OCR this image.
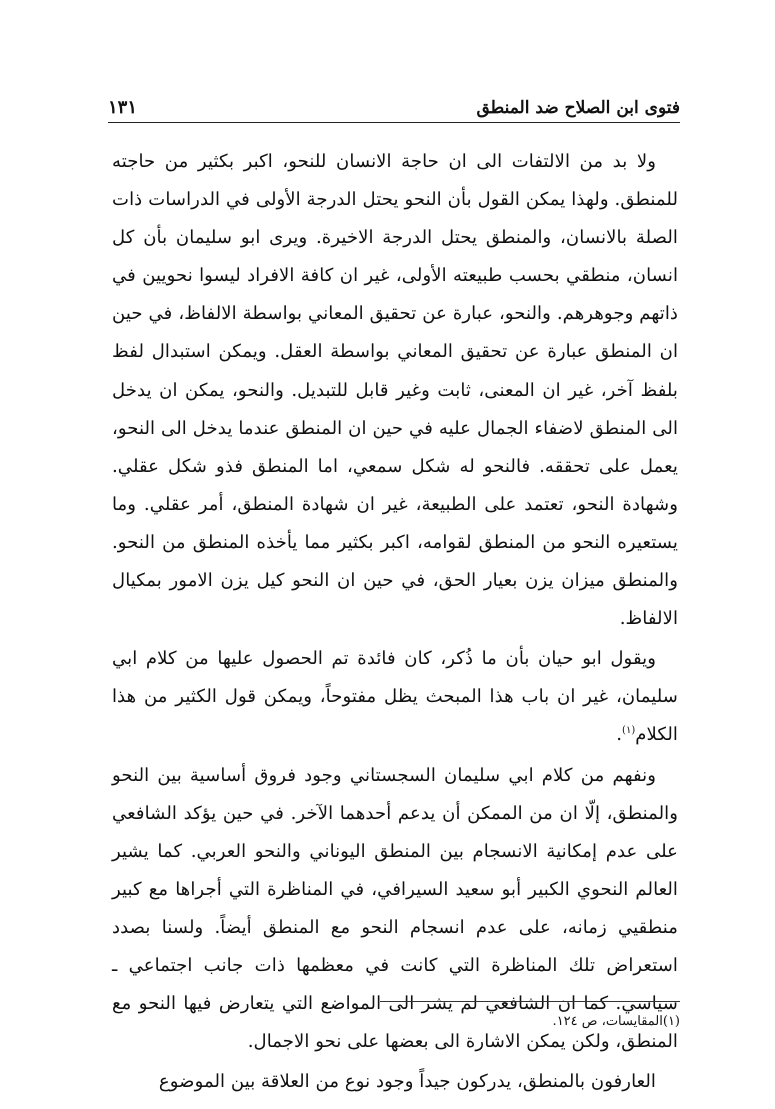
فتوى ابن الصلاح ضد المنطق
١٣١

ولا بد من الالتفات الى ان حاجة الانسان للنحو، اكبر بكثير من حاجته للمنطق. ولهذا يمكن القول بأن النحو يحتل الدرجة الأولى في الدراسات ذات الصلة بالانسان، والمنطق يحتل الدرجة الاخيرة. ويرى ابو سليمان بأن كل انسان، منطقي بحسب طبيعته الأولى، غير ان كافة الافراد ليسوا نحويين في ذاتهم وجوهرهم. والنحو، عبارة عن تحقيق المعاني بواسطة الالفاظ، في حين ان المنطق عبارة عن تحقيق المعاني بواسطة العقل. ويمكن استبدال لفظ بلفظ آخر، غير ان المعنى، ثابت وغير قابل للتبديل. والنحو، يمكن ان يدخل الى المنطق لاضفاء الجمال عليه في حين ان المنطق عندما يدخل الى النحو، يعمل على تحققه. فالنحو له شكل سمعي، اما المنطق فذو شكل عقلي. وشهادة النحو، تعتمد على الطبيعة، غير ان شهادة المنطق، أمر عقلي. وما يستعيره النحو من المنطق لقوامه، اكبر بكثير مما يأخذه المنطق من النحو. والمنطق ميزان يزن بعيار الحق، في حين ان النحو كيل يزن الامور بمكيال الالفاظ.

ويقول ابو حيان بأن ما ذُكر، كان فائدة تم الحصول عليها من كلام ابي سليمان، غير ان باب هذا المبحث يظل مفتوحاً، ويمكن قول الكثير من هذا الكلام$^{(١)}$.

ونفهم من كلام ابي سليمان السجستاني وجود فروق أساسية بين النحو والمنطق، إلّا ان من الممكن أن يدعم أحدهما الآخر. في حين يؤكد الشافعي على عدم إمكانية الانسجام بين المنطق اليوناني والنحو العربي. كما يشير العالم النحوي الكبير أبو سعيد السيرافي، في المناظرة التي أجراها مع كبير منطقيي زمانه، على عدم انسجام النحو مع المنطق أيضاً. ولسنا بصدد استعراض تلك المناظرة التي كانت في معظمها ذات جانب اجتماعي ـ سياسي. كما ان الشافعي لم يشر الى المواضع التي يتعارض فيها النحو مع المنطق، ولكن يمكن الاشارة الى بعضها على نحو الاجمال.

العارفون بالمنطق، يدركون جيداً وجود نوع من العلاقة بين الموضوع

(١)المقايسات، ص ١٢٤.
